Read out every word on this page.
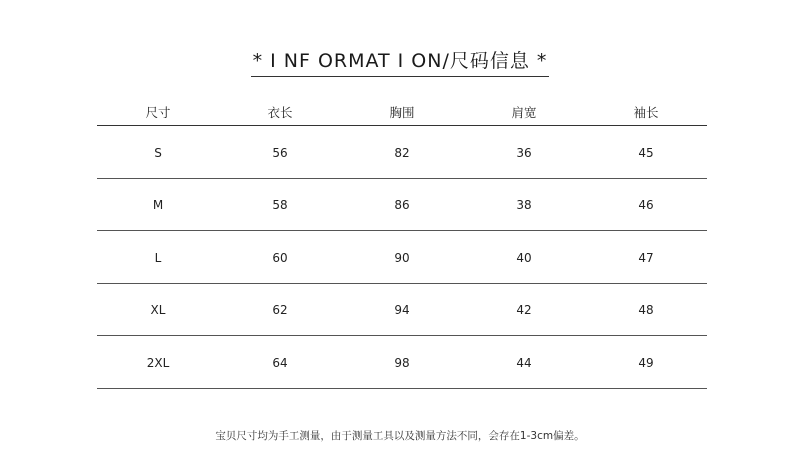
* I NF ORMAT I ON/尺码信息 *
尺寸	衣长	胸围	肩宽	袖长
S	56	82	36	45
M	58	86	38	46
L	60	90	40	47
XL	62	94	42	48
2XL	64	98	44	49
宝贝尺寸均为手工测量，由于测量工具以及测量方法不同，会存在1-3cm偏差。
